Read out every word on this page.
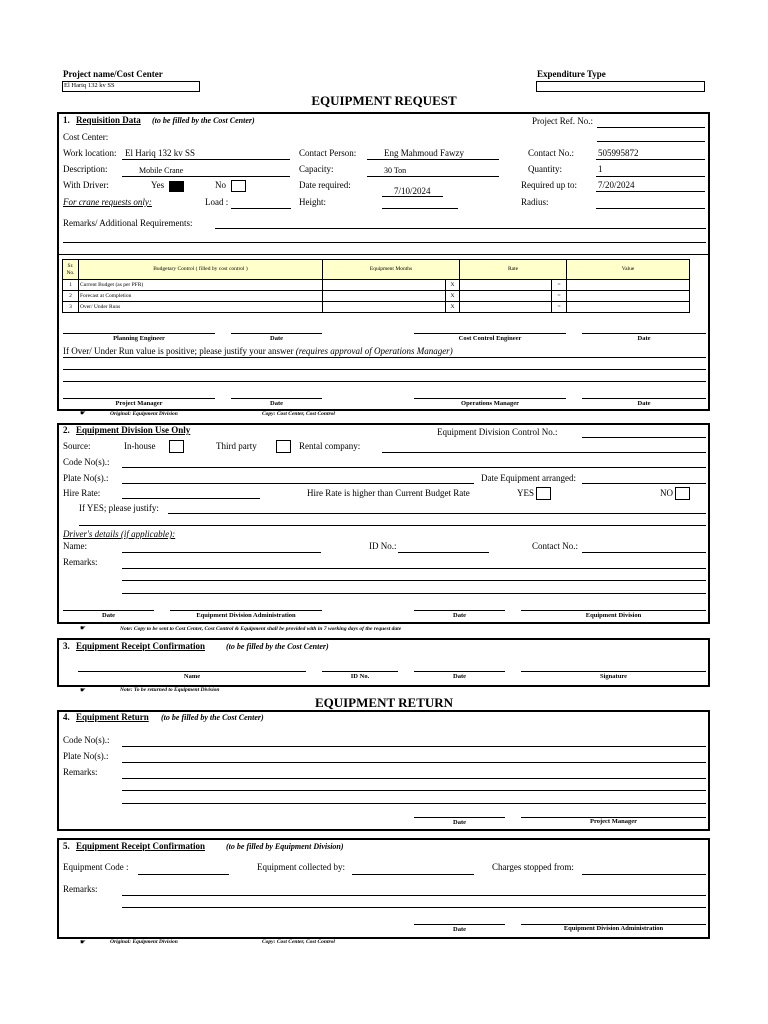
Project name/Cost Center
El Hariq 132 kv SS
Expenditure Type
EQUIPMENT REQUEST
1. Requisition Data (to be filled by the Cost Center)	Project Ref. No.:
Cost Center:
Work location: El Hariq 132 kv SS	Contact Person:	Eng Mahmoud Fawzy	Contact No.:	505995872
Description:	Mobile Crane	Capacity:	30 Ton	Quantity:	1
With Driver:	Yes	No	Date required:
7/10/2024
Required up to: 7/20/2024
For crane requests only:	Load :	Height:	Radius:
Remarks/ Additional Requirements:
Sr. No.
Budgetary Control ( filled by cost control )	Equipment Months	Rate	Value
1 Current Budget (as per PFR)	X	=
2 Forecast at Completion	X	=
3 Over/ Under Runs	X	=
Planning Engineer	Date	Cost Control Engineer	Date
If Over/ Under Run value is positive; please justify your answer (requires approval of Operations Manager)
Project Manager	Date	Operations Manager	Date
☛	Original: Equipment Division	Copy: Cost Center, Cost Control
2. Equipment Division Use Only	Equipment Division Control No.:
Source:	In-house	Third party	Rental company:
Code No(s).:
Plate No(s).:	Date Equipment arranged:
Hire Rate:	Hire Rate is higher than Current Budget Rate	YES	NO
If YES; please justify:
Driver's details (if applicable):
Name:	ID No.:	Contact No.:
Remarks:
Date	Equipment Division Administration	Date	Equipment Division
☛	Note: Copy to be sent to Cost Center, Cost Control & Equipment shall be provided with in 7 working days of the request date
3. Equipment Receipt Confirmation	(to be filled by the Cost Center)
Name	ID No.	Date	Signature
☛	Note: To be returned to Equipment Division
EQUIPMENT RETURN
4. Equipment Return (to be filled by the Cost Center)
Code No(s).:
Plate No(s).:
Remarks:
Date	Project Manager
5. Equipment Receipt Confirmation	(to be filled by Equipment Division)
Equipment Code :	Equipment collected by:	Charges stopped from:
Remarks:
Date	Equipment Division Administration
☛	Original: Equipment Division	Copy: Cost Center, Cost Control
